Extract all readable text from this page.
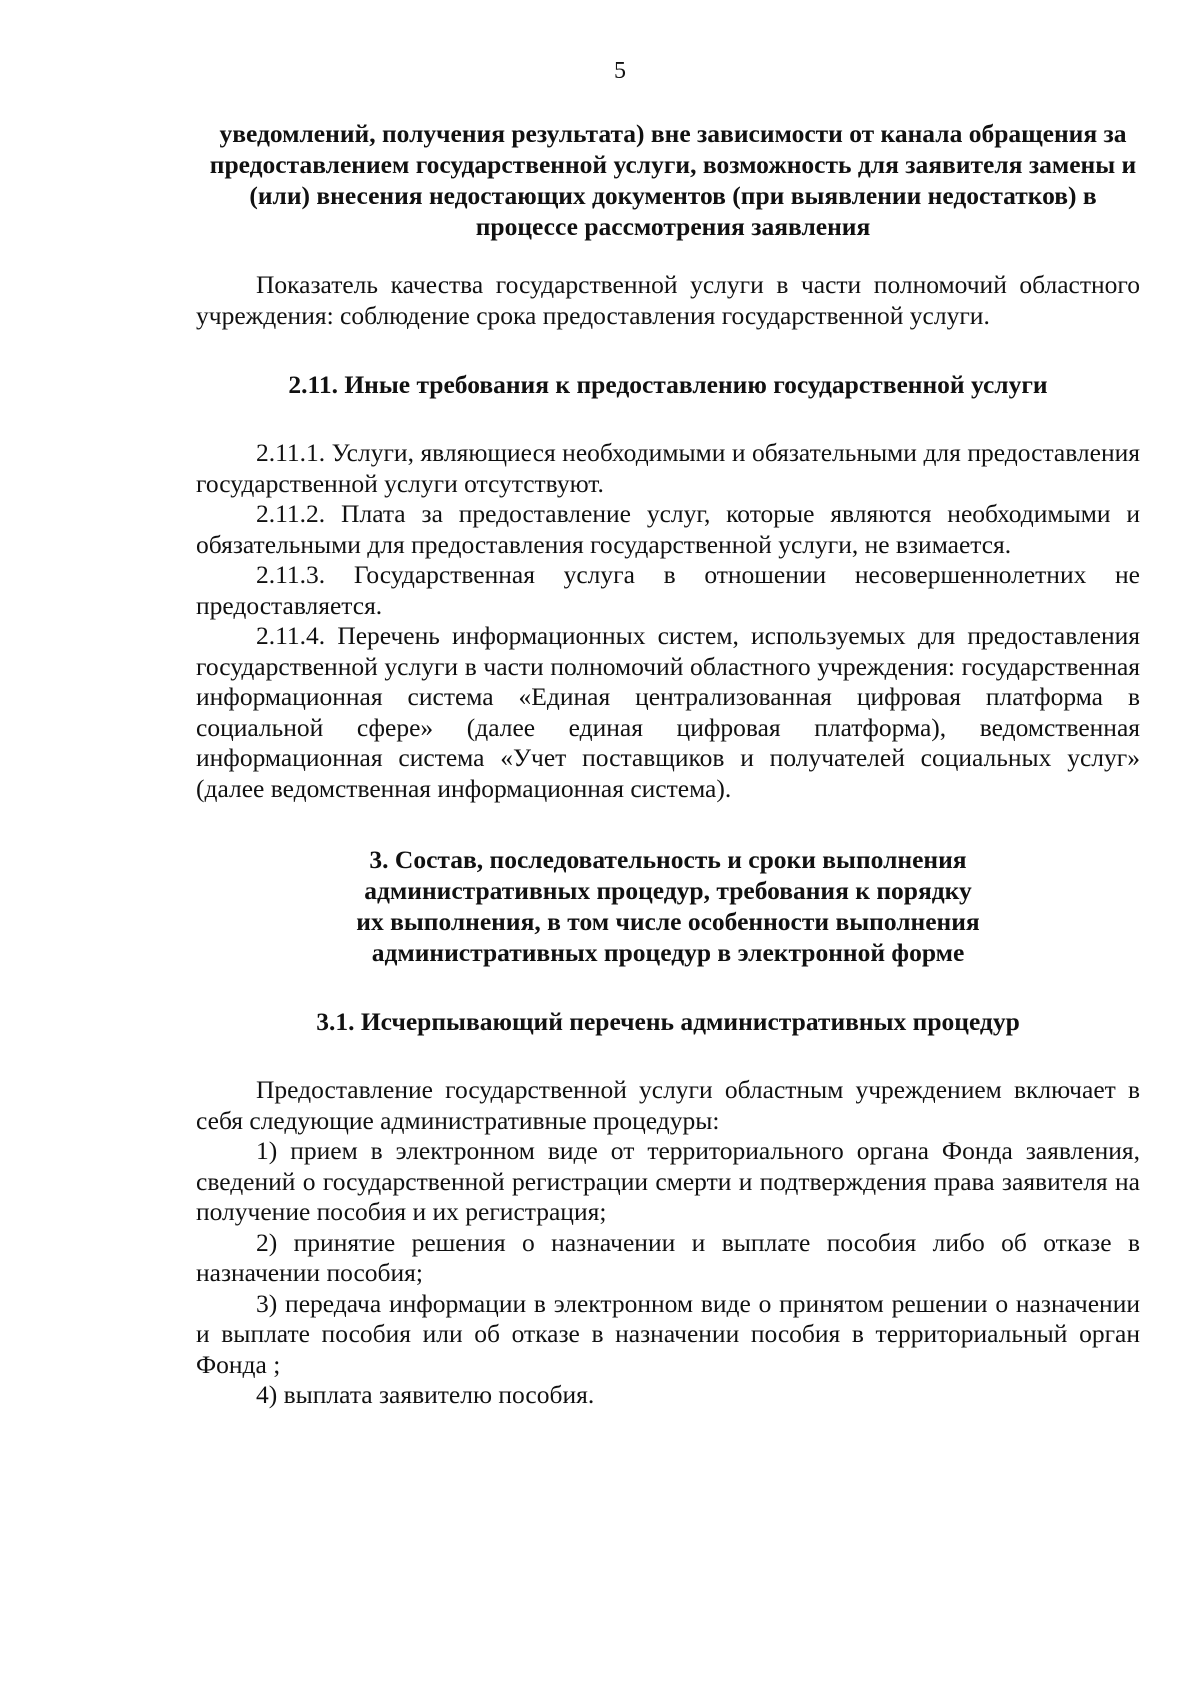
5
уведомлений, получения результата) вне зависимости от канала обращения за предоставлением государственной услуги, возможность для заявителя замены и (или) внесения недостающих документов (при выявлении недостатков) в процессе рассмотрения заявления

Показатель качества государственной услуги в части полномочий областного учреждения: соблюдение срока предоставления государственной услуги.

2.11. Иные требования к предоставлению государственной услуги

2.11.1. Услуги, являющиеся необходимыми и обязательными для предоставления государственной услуги отсутствуют.

2.11.2. Плата за предоставление услуг, которые являются необходимыми и обязательными для предоставления государственной услуги, не взимается.

2.11.3. Государственная услуга в отношении несовершеннолетних не предоставляется.

2.11.4. Перечень информационных систем, используемых для предоставления государственной услуги в части полномочий областного учреждения: государственная информационная система «Единая централизованная цифровая платформа в социальной сфере» (далее единая цифровая платформа), ведомственная информационная система «Учет поставщиков и получателей социальных услуг» (далее ведомственная информационная система).

3. Состав, последовательность и сроки выполнения
административных процедур, требования к порядку
их выполнения, в том числе особенности выполнения
административных процедур в электронной форме
3.1. Исчерпывающий перечень административных процедур

Предоставление государственной услуги областным учреждением включает в себя следующие административные процедуры:

1) прием в электронном виде от территориального органа Фонда заявления, сведений о государственной регистрации смерти и подтверждения права заявителя на получение пособия и их регистрация;

2) принятие решения о назначении и выплате пособия либо об отказе в назначении пособия;

3) передача информации в электронном виде о принятом решении о назначении и выплате пособия или об отказе в назначении пособия в территориальный орган Фонда ;

4) выплата заявителю пособия.
